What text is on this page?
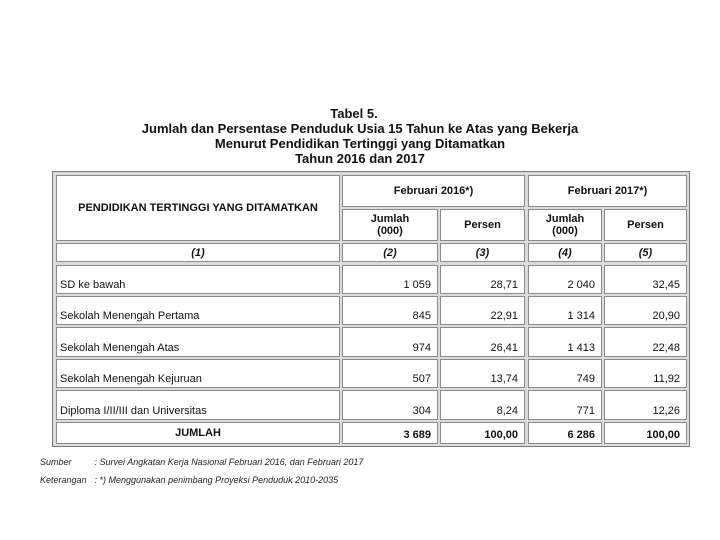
Tabel 5.
Jumlah dan Persentase Penduduk Usia 15 Tahun ke Atas yang Bekerja
Menurut Pendidikan Tertinggi yang Ditamatkan
Tahun 2016 dan 2017
PENDIDIKAN TERTINGGI YANG DITAMATKAN
Februari 2016*)	Februari 2017*)
Jumlah (000)	Persen	Jumlah (000)	Persen
(1)	(2)	(3)	(4)	(5)
SD ke bawah	1 059	28,71	2 040	32,45
Sekolah Menengah Pertama	845	22,91	1 314	20,90
Sekolah Menengah Atas	974	26,41	1 413	22,48
Sekolah Menengah Kejuruan	507	13,74	749	11,92
Diploma I/II/III dan Universitas	304	8,24	771	12,26
JUMLAH	3 689	100,00	6 286	100,00
Sumber	: Survei Angkatan Kerja Nasional Februari 2016, dan Februari 2017
Keterangan : *) Menggunakan penimbang Proyeksi Penduduk 2010-2035
